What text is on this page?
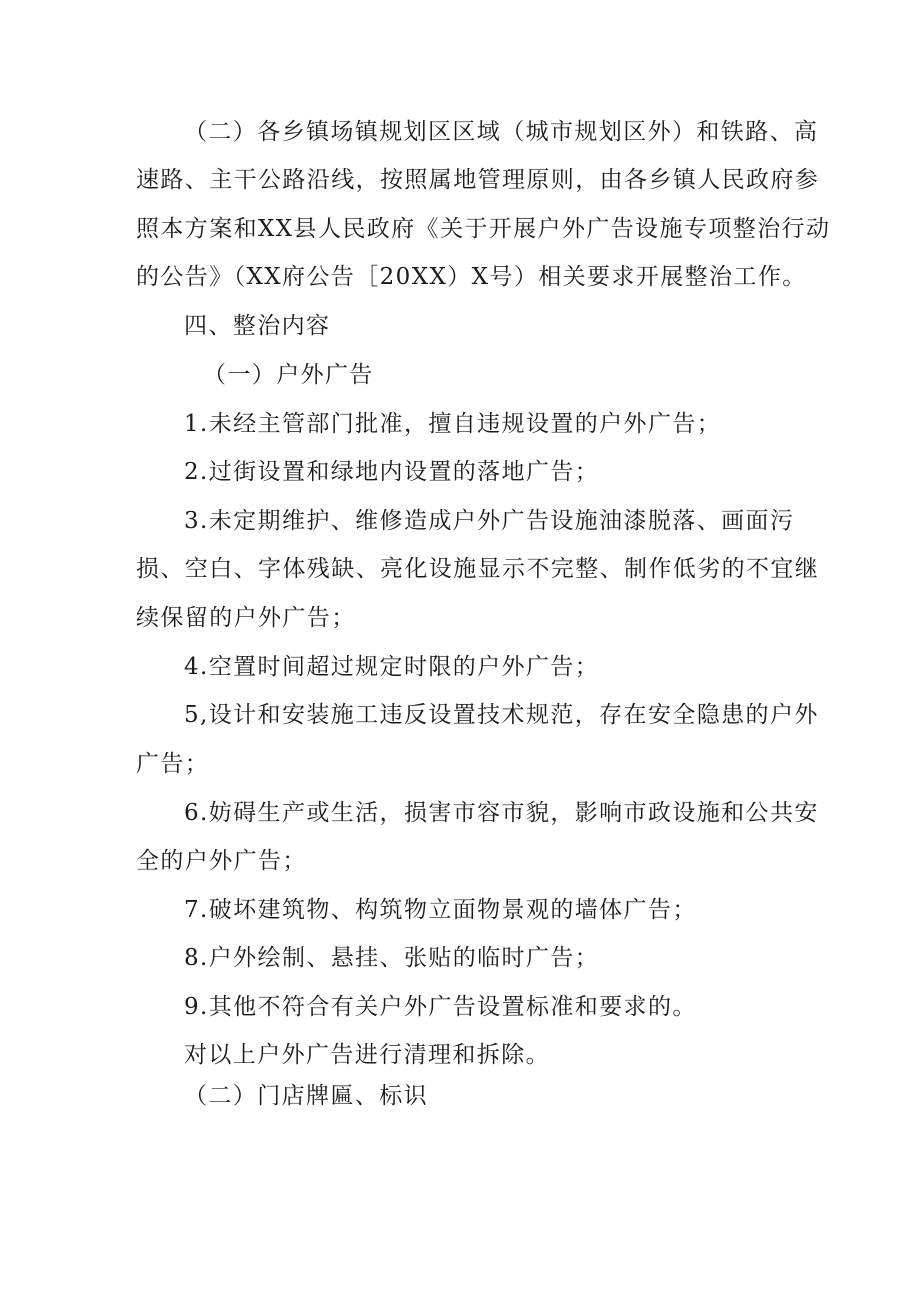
（二）各乡镇场镇规划区区域（城市规划区外）和铁路、高

速路、主干公路沿线，按照属地管理原则，由各乡镇人民政府参

照本方案和XX县人民政府《关于开展户外广告设施专项整治行动

的公告》（XX府公告［20XX）X号）相关要求开展整治工作。

四、整治内容

（一）户外广告

1.未经主管部门批准，擅自违规设置的户外广告；

2.过街设置和绿地内设置的落地广告；

3.未定期维护、维修造成户外广告设施油漆脱落、画面污

损、空白、字体残缺、亮化设施显示不完整、制作低劣的不宜继

续保留的户外广告；

4.空置时间超过规定时限的户外广告；

5,设计和安装施工违反设置技术规范，存在安全隐患的户外

广告；

6.妨碍生产或生活，损害市容市貌，影响市政设施和公共安

全的户外广告；

7.破坏建筑物、构筑物立面物景观的墙体广告；

8.户外绘制、悬挂、张贴的临时广告；

9.其他不符合有关户外广告设置标准和要求的。

对以上户外广告进行清理和拆除。

（二）门店牌匾、标识
